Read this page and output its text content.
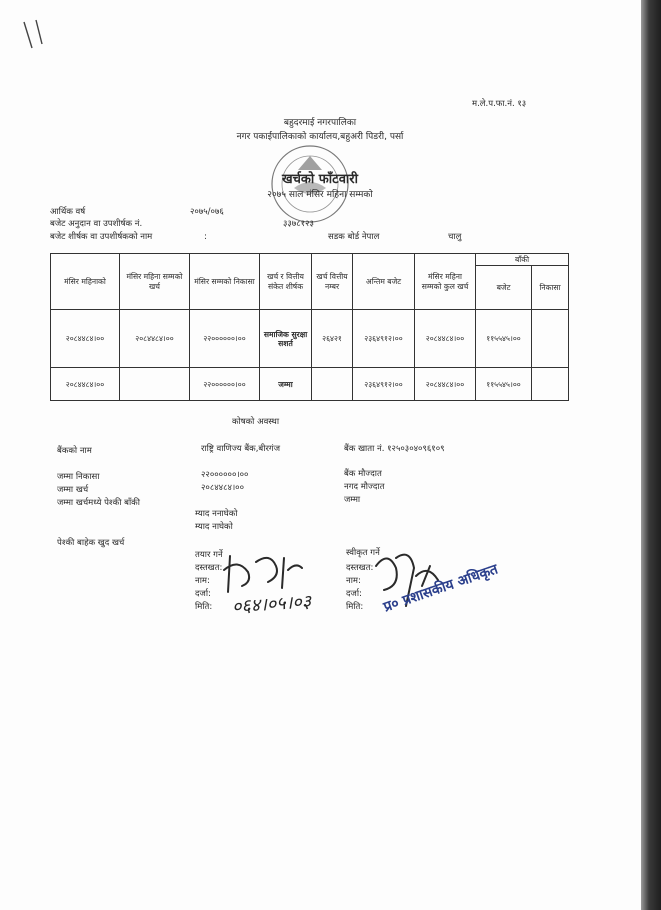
म.ले.प.फा.नं. १३
बहुदरमाई नगरपालिका
नगर पकाईपालिकाको कार्यालय,बहुअरी पिडरी, पर्सा
खर्चको फाँटवारी
२०७५ साल मंसिर महिना सम्मको
आर्थिक वर्ष	२०७५/०७६
बजेट अनुदान वा उपशीर्षक नं.	३३७८१२३
बजेट शीर्षक वा उपशीर्षकको नाम	:	सडक बोर्ड नेपाल	चालु
मंसिर महिनाको	मंसिर महिना सम्मको खर्च	मंसिर सम्मको निकासा	खर्च र वित्तीय संकेत शीर्षक	खर्च वित्तीय नम्बर	अन्तिम बजेट	मंसिर महिना सम्मको कुल खर्च	बाँकी	
							बजेट	निकासा
२०८४४८४।००	२०८४४८४।००	२२००००००।००	समाजिक सुरक्षा सशर्त	२६४२१	२३६४९१२।००	२०८४४८४।००	११५५४५।००	
२०८४४८४।००		२२००००००।००	जम्मा		२३६४९१२।००	२०८४४८४।००	११५५४५।००	
कोषको अवस्था
बैंकको नाम	राष्ट्रि वाणिज्य बैंक,बीरगंज	बैंक खाता नं. १२५०३०४०९६१०९
जम्मा निकासा	२२००००००।००	बैंक मौज्दात
जम्मा खर्च	२०८४४८४।००	नगद मौज्दात
जम्मा खर्चमध्ये पेश्की बाँकी	जम्मा
म्याद ननाघेको
म्याद नाघेको
पेश्की बाहेक खुद खर्च
तयार गर्ने
दस्तखत:
नाम:
दर्जा:
मिति:
स्वीकृत गर्ने
दस्तखत:
नाम:
दर्जा:
मिति:
०६४।०५।०३	प्र० प्रशासकीय अधिकृत
